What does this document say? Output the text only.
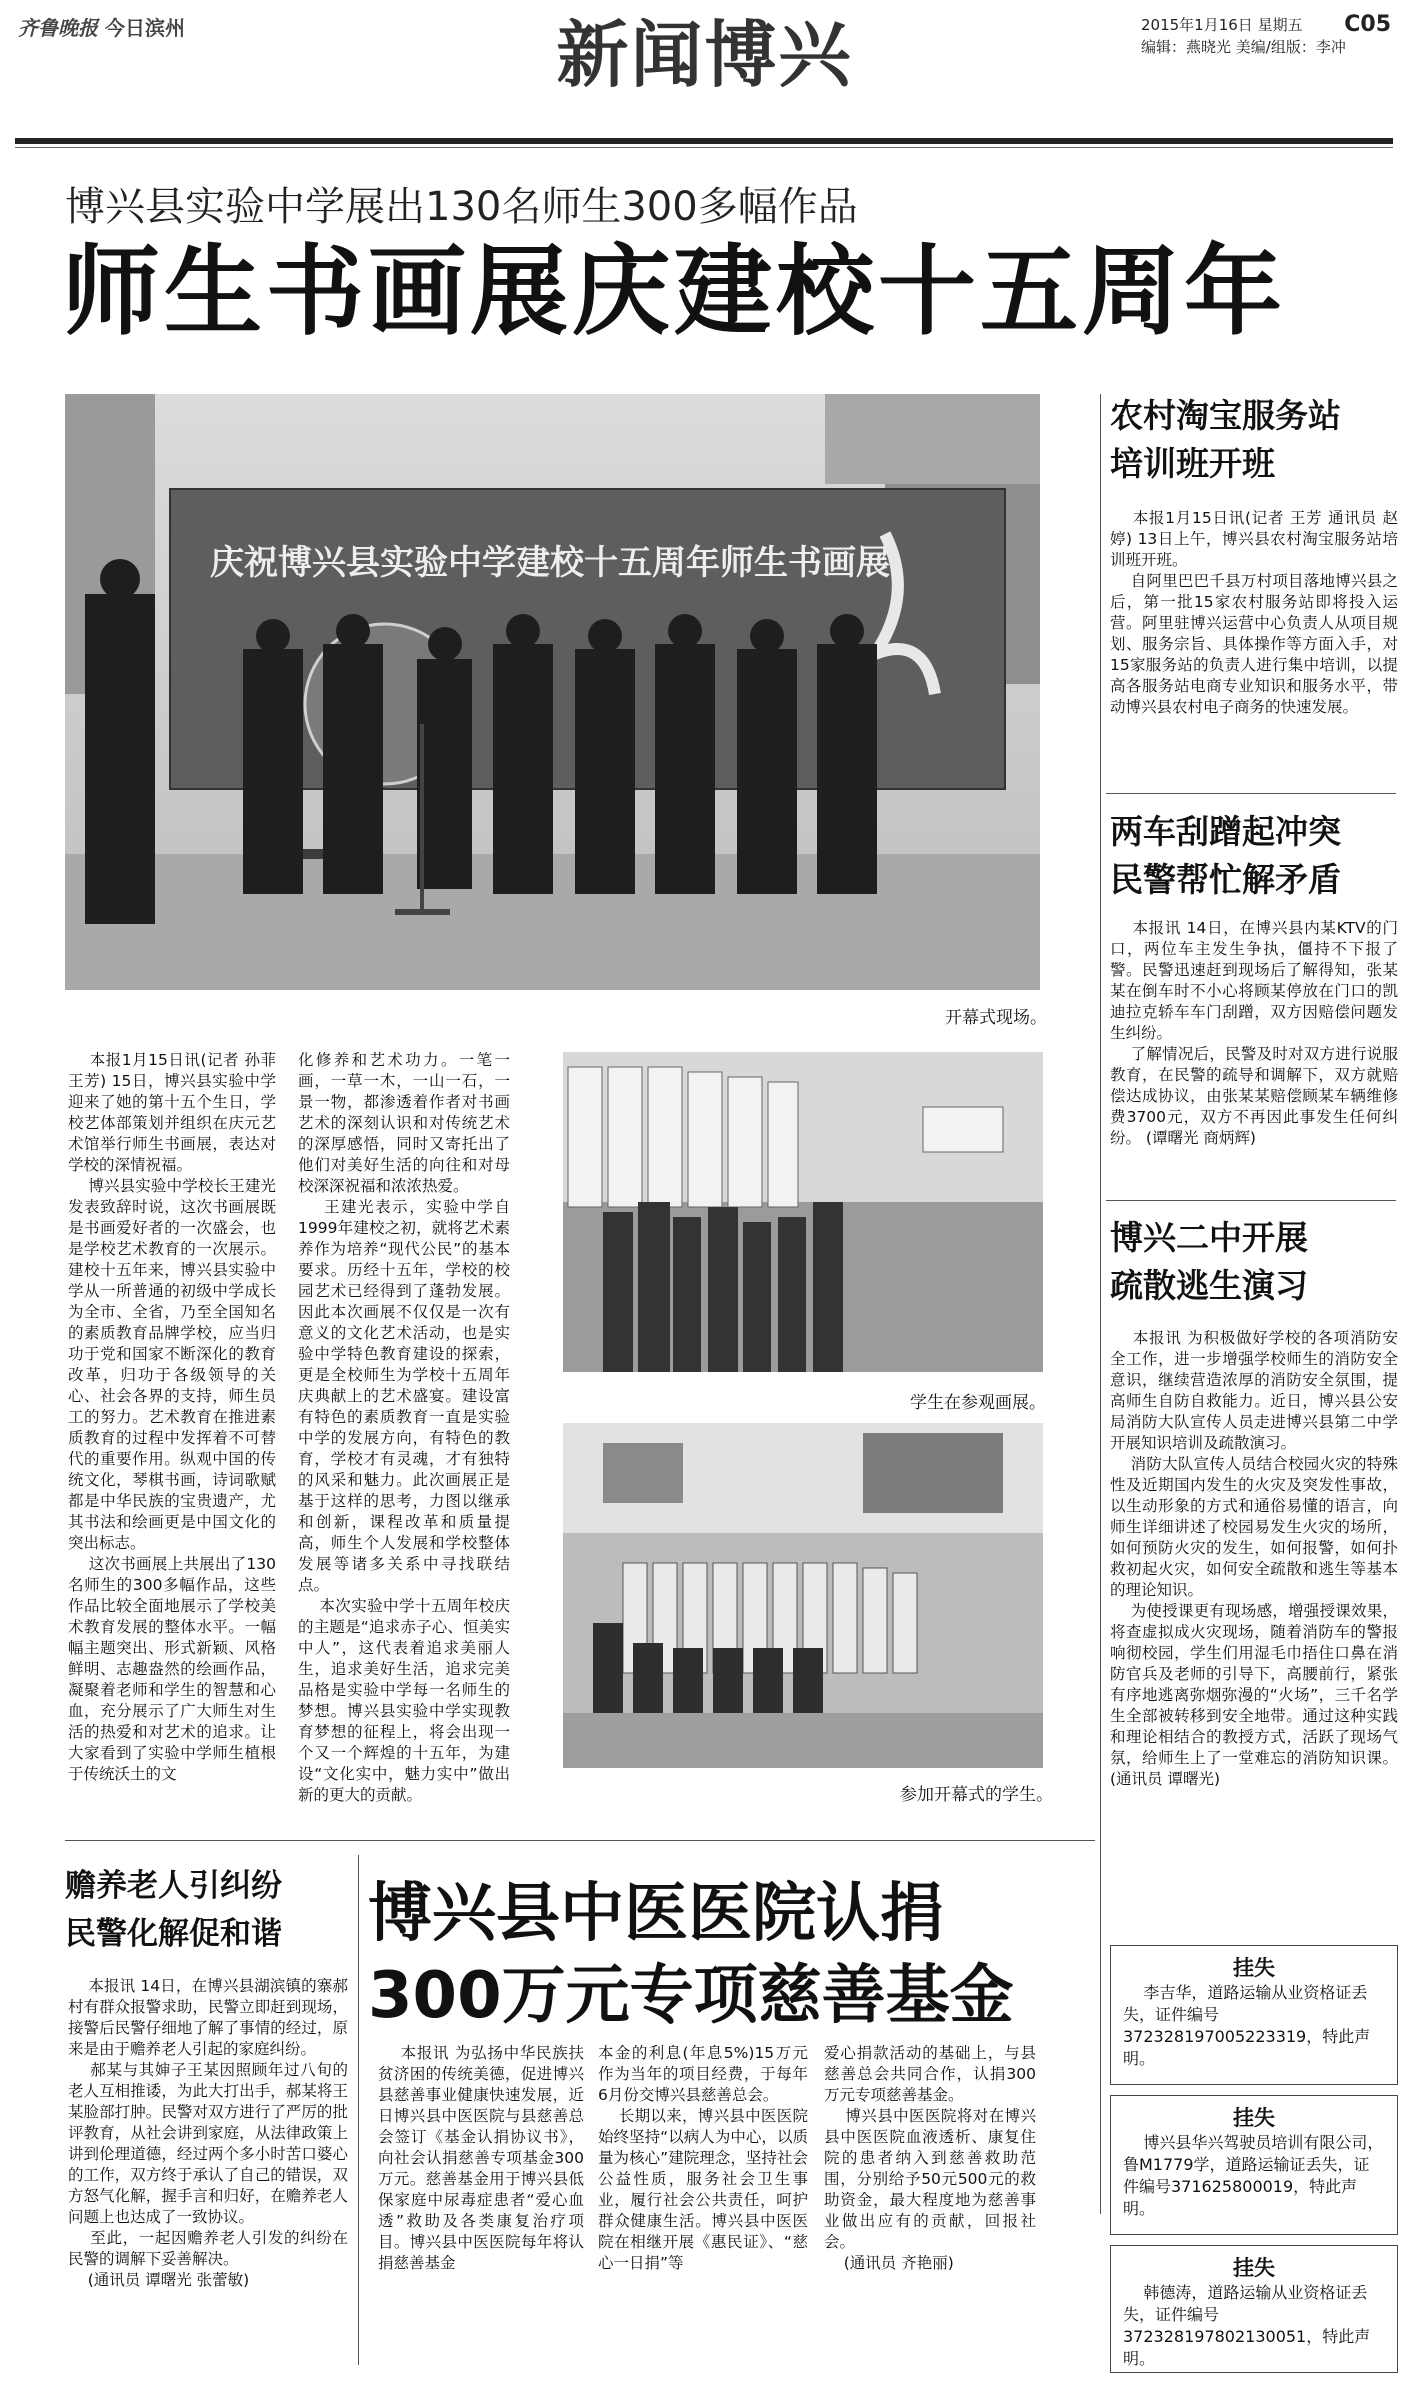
齐鲁晚报 今日滨州	新闻博兴	2015年1月16日 星期五
编辑：燕晓光 美编/组版：李冲
C05
博兴县实验中学展出130名师生300多幅作品
师生书画展庆建校十五周年
庆祝博兴县实验中学建校十五周年师生书画展
开幕式现场。
本报1月15日讯(记者 孙菲 王芳) 15日，博兴县实验中学迎来了她的第十五个生日，学校艺体部策划并组织在庆元艺术馆举行师生书画展，表达对学校的深情祝福。
博兴县实验中学校长王建光发表致辞时说，这次书画展既是书画爱好者的一次盛会，也是学校艺术教育的一次展示。建校十五年来，博兴县实验中学从一所普通的初级中学成长为全市、全省，乃至全国知名的素质教育品牌学校，应当归功于党和国家不断深化的教育改革，归功于各级领导的关心、社会各界的支持，师生员工的努力。艺术教育在推进素质教育的过程中发挥着不可替代的重要作用。纵观中国的传统文化，琴棋书画，诗词歌赋都是中华民族的宝贵遗产，尤其书法和绘画更是中国文化的突出标志。
这次书画展上共展出了130名师生的300多幅作品，这些作品比较全面地展示了学校美术教育发展的整体水平。一幅幅主题突出、形式新颖、风格鲜明、志趣盎然的绘画作品，凝聚着老师和学生的智慧和心血，充分展示了广大师生对生活的热爱和对艺术的追求。让大家看到了实验中学师生植根于传统沃土的文
化修养和艺术功力。一笔一画，一草一木，一山一石，一景一物，都渗透着作者对书画艺术的深刻认识和对传统艺术的深厚感悟，同时又寄托出了他们对美好生活的向往和对母校深深祝福和浓浓热爱。
王建光表示，实验中学自1999年建校之初，就将艺术素养作为培养“现代公民”的基本要求。历经十五年，学校的校园艺术已经得到了蓬勃发展。因此本次画展不仅仅是一次有意义的文化艺术活动，也是实验中学特色教育建设的探索，更是全校师生为学校十五周年庆典献上的艺术盛宴。建设富有特色的素质教育一直是实验中学的发展方向，有特色的教育，学校才有灵魂，才有独特的风采和魅力。此次画展正是基于这样的思考，力图以继承和创新，课程改革和质量提高，师生个人发展和学校整体发展等诸多关系中寻找联结点。
本次实验中学十五周年校庆的主题是“追求赤子心、恒美实中人”，这代表着追求美丽人生，追求美好生活，追求完美品格是实验中学每一名师生的梦想。博兴县实验中学实现教育梦想的征程上，将会出现一个又一个辉煌的十五年，为建设“文化实中，魅力实中”做出新的更大的贡献。
学生在参观画展。
参加开幕式的学生。
农村淘宝服务站
培训班开班
本报1月15日讯(记者 王芳 通讯员 赵婷) 13日上午，博兴县农村淘宝服务站培训班开班。
自阿里巴巴千县万村项目落地博兴县之后，第一批15家农村服务站即将投入运营。阿里驻博兴运营中心负责人从项目规划、服务宗旨、具体操作等方面入手，对15家服务站的负责人进行集中培训，以提高各服务站电商专业知识和服务水平，带动博兴县农村电子商务的快速发展。
两车刮蹭起冲突
民警帮忙解矛盾
本报讯 14日，在博兴县内某KTV的门口，两位车主发生争执，僵持不下报了警。民警迅速赶到现场后了解得知，张某某在倒车时不小心将顾某停放在门口的凯迪拉克轿车车门刮蹭，双方因赔偿问题发生纠纷。
了解情况后，民警及时对双方进行说服教育，在民警的疏导和调解下，双方就赔偿达成协议，由张某某赔偿顾某车辆维修费3700元，双方不再因此事发生任何纠纷。 (谭曙光 商炳辉)
博兴二中开展
疏散逃生演习
本报讯 为积极做好学校的各项消防安全工作，进一步增强学校师生的消防安全意识，继续营造浓厚的消防安全氛围，提高师生自防自救能力。近日，博兴县公安局消防大队宣传人员走进博兴县第二中学开展知识培训及疏散演习。
消防大队宣传人员结合校园火灾的特殊性及近期国内发生的火灾及突发性事故，以生动形象的方式和通俗易懂的语言，向师生详细讲述了校园易发生火灾的场所，如何预防火灾的发生，如何报警，如何扑救初起火灾，如何安全疏散和逃生等基本的理论知识。
为使授课更有现场感，增强授课效果，将查虚拟成火灾现场，随着消防车的警报响彻校园，学生们用湿毛巾捂住口鼻在消防官兵及老师的引导下，高腰前行，紧张有序地逃离弥烟弥漫的“火场”，三千名学生全部被转移到安全地带。通过这种实践和理论相结合的教授方式，活跃了现场气氛，给师生上了一堂难忘的消防知识课。 (通讯员 谭曙光)
赡养老人引纠纷
民警化解促和谐
本报讯 14日，在博兴县湖滨镇的寨郝村有群众报警求助，民警立即赶到现场，接警后民警仔细地了解了事情的经过，原来是由于赡养老人引起的家庭纠纷。
郝某与其婶子王某因照顾年过八旬的老人互相推诿，为此大打出手，郝某将王某脸部打肿。民警对双方进行了严厉的批评教育，从社会讲到家庭，从法律政策上讲到伦理道德，经过两个多小时苦口婆心的工作，双方终于承认了自己的错误，双方怒气化解，握手言和归好，在赡养老人问题上也达成了一致协议。
至此，一起因赡养老人引发的纠纷在民警的调解下妥善解决。
(通讯员 谭曙光 张蕾敏)
博兴县中医医院认捐
300万元专项慈善基金
本报讯 为弘扬中华民族扶贫济困的传统美德，促进博兴县慈善事业健康快速发展，近日博兴县中医医院与县慈善总会签订《基金认捐协议书》，向社会认捐慈善专项基金300万元。慈善基金用于博兴县低保家庭中尿毒症患者“爱心血透”救助及各类康复治疗项目。博兴县中医医院每年将认捐慈善基金
本金的利息(年息5%)15万元作为当年的项目经费，于每年6月份交博兴县慈善总会。
长期以来，博兴县中医医院始终坚持“以病人为中心，以质量为核心”建院理念，坚持社会公益性质，服务社会卫生事业，履行社会公共责任，呵护群众健康生活。博兴县中医医院在相继开展《惠民证》、“慈心一日捐”等
爱心捐款活动的基础上，与县慈善总会共同合作，认捐300万元专项慈善基金。
博兴县中医医院将对在博兴县中医医院血液透析、康复住院的患者纳入到慈善救助范围，分别给予50元500元的救助资金，最大程度地为慈善事业做出应有的贡献，回报社会。
(通讯员 齐艳丽)
挂失
李吉华，道路运输从业资格证丢失，证件编号372328197005223319，特此声明。
挂失
博兴县华兴驾驶员培训有限公司，鲁M1779学，道路运输证丢失，证件编号371625800019，特此声明。
挂失
韩德涛，道路运输从业资格证丢失，证件编号372328197802130051，特此声明。
